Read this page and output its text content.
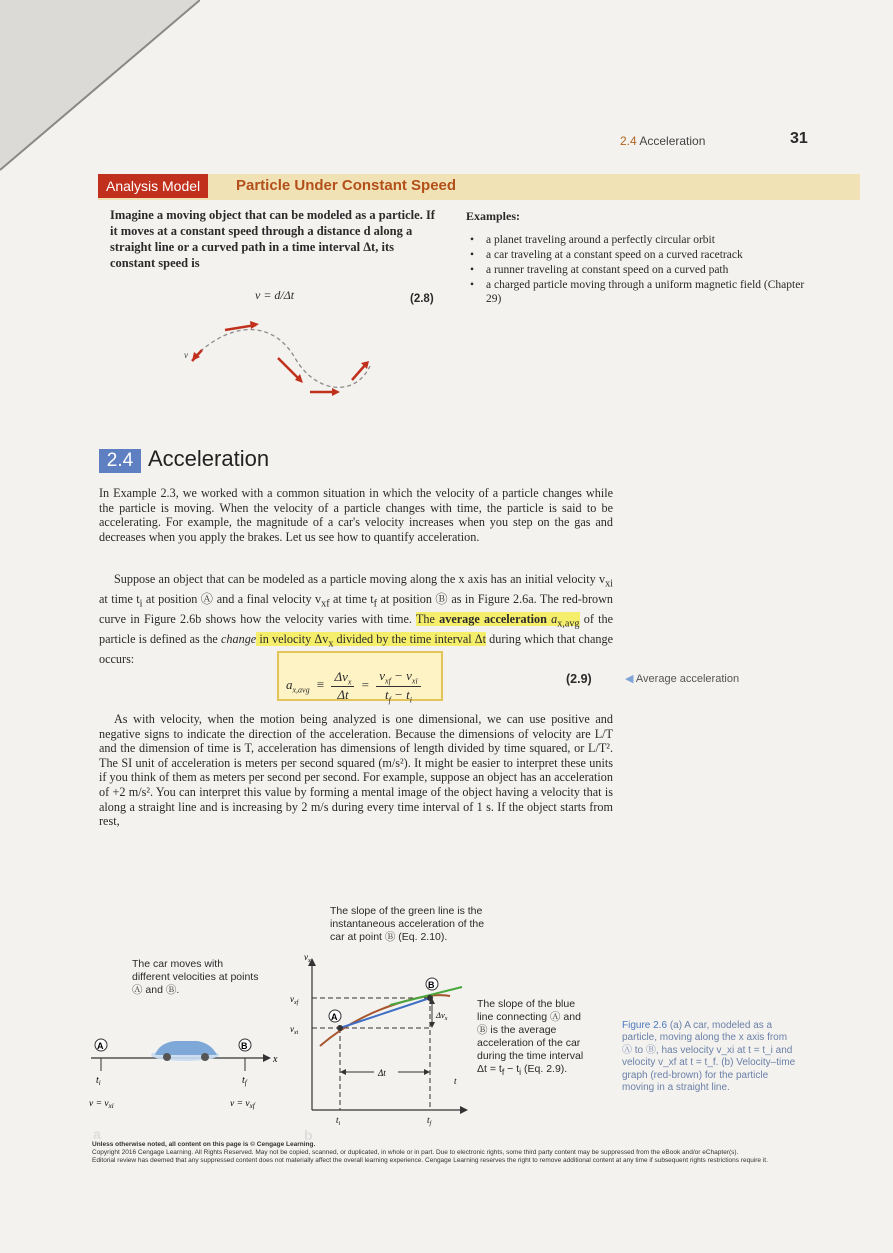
2.4 Acceleration	31
Analysis Model	Particle Under Constant Speed
Imagine a moving object that can be modeled as a particle. If it moves at a constant speed through a distance d along a straight line or a curved path in a time interval Δt, its constant speed is
v = d/Δt	(2.8)
v
Examples:
• a planet traveling around a perfectly circular orbit
• a car traveling at a constant speed on a curved racetrack
• a runner traveling at constant speed on a curved path
• a charged particle moving through a uniform magnetic field (Chapter 29)
2.4 Acceleration
In Example 2.3, we worked with a common situation in which the velocity of a particle changes while the particle is moving. When the velocity of a particle changes with time, the particle is said to be accelerating. For example, the magnitude of a car's velocity increases when you step on the gas and decreases when you apply the brakes. Let us see how to quantify acceleration.
Suppose an object that can be modeled as a particle moving along the x axis has an initial velocity $v_{xi}$ at time $t_i$ at position Ⓐ and a final velocity $v_{xf}$ at time $t_f$ at position Ⓑ as in Figure 2.6a. The red-brown curve in Figure 2.6b shows how the velocity varies with time. The average acceleration $a_{x,avg}$ of the particle is defined as the change in velocity $\Delta v_x$ divided by the time interval Δt during which that change occurs:
$a_{x,avg}$ ≡
$\Delta v_x$
Δt
=
$v_{xf} - v_{xi}$
$t_f - t_i$
(2.9)	◀ Average acceleration
As with velocity, when the motion being analyzed is one dimensional, we can use positive and negative signs to indicate the direction of the acceleration. Because the dimensions of velocity are L/T and the dimension of time is T, acceleration has dimensions of length divided by time squared, or L/T². The SI unit of acceleration is meters per second squared (m/s²). It might be easier to interpret these units if you think of them as meters per second per second. For example, suppose an object has an acceleration of +2 m/s². You can interpret this value by forming a mental image of the object having a velocity that is along a straight line and is increasing by 2 m/s during every time interval of 1 s. If the object starts from rest,
The slope of the green line is the instantaneous acceleration of the car at point Ⓑ (Eq. 2.10).
The car moves with different velocities at points Ⓐ and Ⓑ.
The slope of the blue line connecting Ⓐ and Ⓑ is the average acceleration of the car during the time interval $\Delta t = t_f - t_i$ (Eq. 2.9).
x
A	B
$t_i$	$t_f$
$v = v_{xi}$	$v = v_{xf}$
a
$v_x$
t
$v_{xf}$
$v_{xi}$
A
B
$\Delta v_x$
Δt
$t_i$	$t_f$
b
Figure 2.6 (a) A car, modeled as a particle, moving along the x axis from Ⓐ to Ⓑ, has velocity v_xi at t = t_i and velocity v_xf at t = t_f. (b) Velocity–time graph (red-brown) for the particle moving in a straight line.
Unless otherwise noted, all content on this page is © Cengage Learning.
Copyright 2016 Cengage Learning. All Rights Reserved. May not be copied, scanned, or duplicated, in whole or in part. Due to electronic rights, some third party content may be suppressed from the eBook and/or eChapter(s).
Editorial review has deemed that any suppressed content does not materially affect the overall learning experience. Cengage Learning reserves the right to remove additional content at any time if subsequent rights restrictions require it.
